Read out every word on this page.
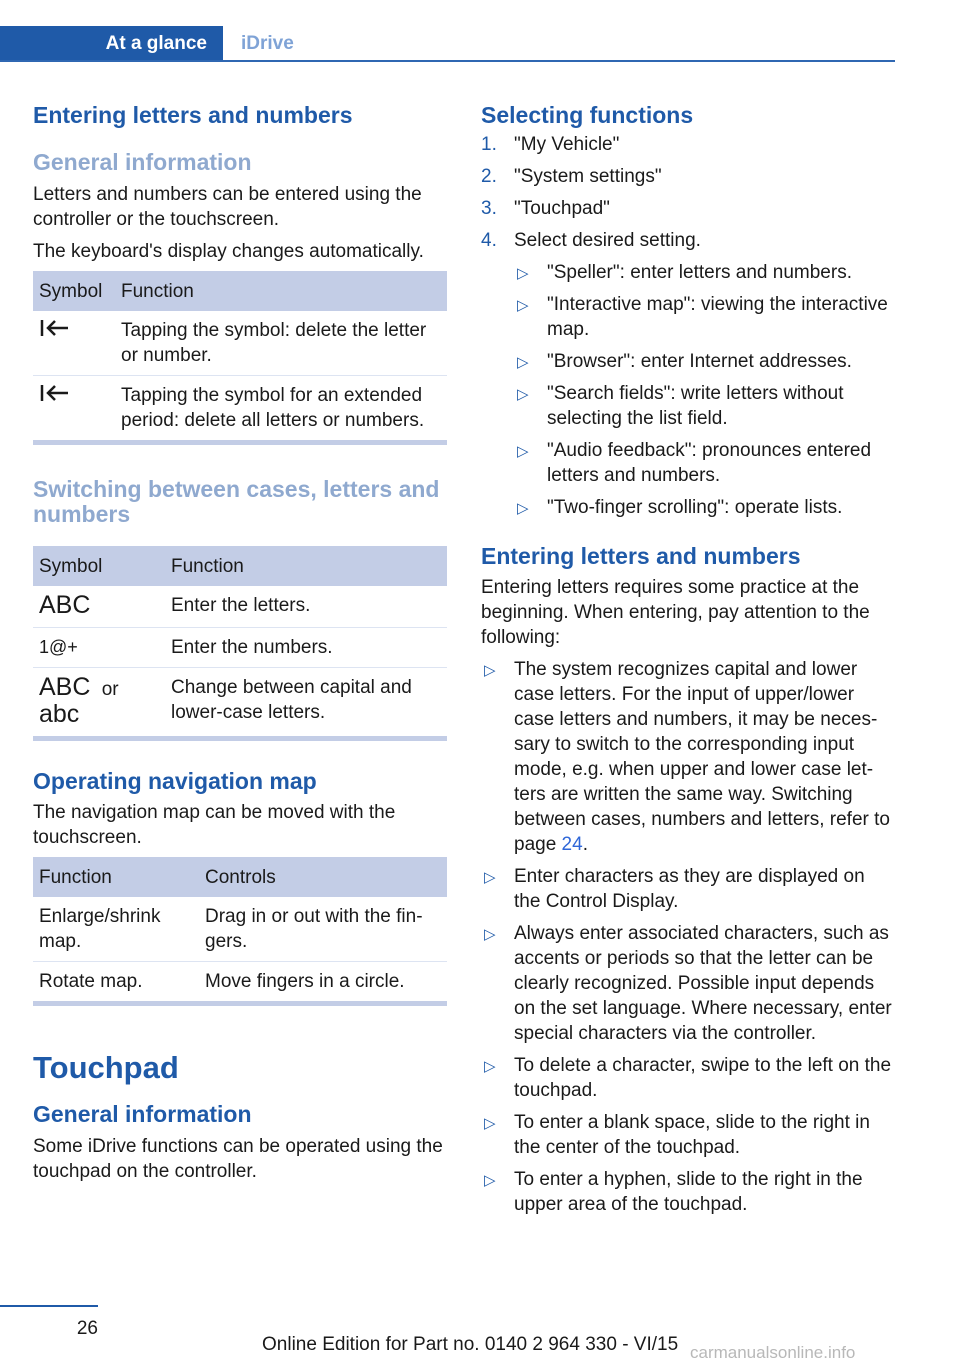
At a glance	iDrive
Entering letters and numbers
General information

Letters and numbers can be entered using the controller or the touchscreen.

The keyboard's display changes automatically.

Symbol	Function
	Tapping the symbol: delete the letter or number.
	Tapping the symbol for an extended period: delete all letters or numbers.
Switching between cases, letters and numbers
Symbol	Function
ABC	Enter the letters.
1@+	Enter the numbers.
ABC or
abc	Change between capital and lower-case letters.
Operating navigation map

The navigation map can be moved with the touchscreen.

Function	Controls
Enlarge/shrink map.	Drag in or out with the fingers.
Rotate map.	Move fingers in a circle.
Touchpad
General information

Some iDrive functions can be operated using the touchpad on the controller.

Selecting functions
1. "My Vehicle"
2. "System settings"
3. "Touchpad"
4. Select desired setting.
▷ "Speller": enter letters and numbers.
▷ "Interactive map": viewing the interactive map.
▷ "Browser": enter Internet addresses.
▷ "Search fields": write letters without selecting the list field.
▷ "Audio feedback": pronounces entered letters and numbers.
▷ "Two-finger scrolling": operate lists.
Entering letters and numbers

Entering letters requires some practice at the beginning. When entering, pay attention to the following:

▷ The system recognizes capital and lower case letters. For the input of upper/lower case letters and numbers, it may be necessary to switch to the corresponding input mode, e.g. when upper and lower case letters are written the same way. Switching between cases, numbers and letters, refer to page 24.
▷ Enter characters as they are displayed on the Control Display.
▷ Always enter associated characters, such as accents or periods so that the letter can be clearly recognized. Possible input depends on the set language. Where necessary, enter special characters via the controller.
▷ To delete a character, swipe to the left on the touchpad.
▷ To enter a blank space, slide to the right in the center of the touchpad.
▷ To enter a hyphen, slide to the right in the upper area of the touchpad.
26
Online Edition for Part no. 0140 2 964 330 - VI/15 carmanualsonline.info
